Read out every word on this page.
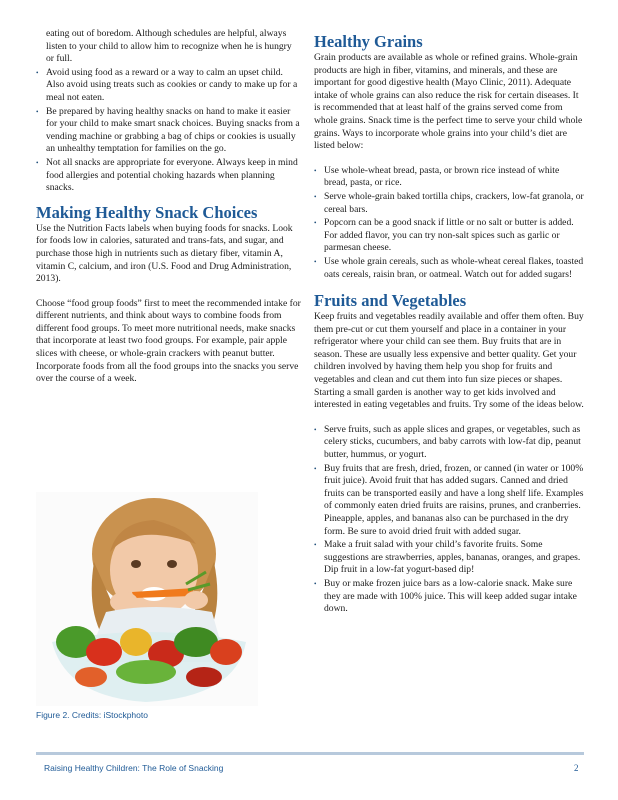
eating out of boredom. Although schedules are helpful, always listen to your child to allow him to recognize when he is hungry or full.
• Avoid using food as a reward or a way to calm an upset child. Also avoid using treats such as cookies or candy to make up for a meal not eaten.
• Be prepared by having healthy snacks on hand to make it easier for your child to make smart snack choices. Buying snacks from a vending machine or grabbing a bag of chips or cookies is usually an unhealthy temptation for families on the go.
• Not all snacks are appropriate for everyone. Always keep in mind food allergies and potential choking hazards when planning snacks.
Making Healthy Snack Choices

Use the Nutrition Facts labels when buying foods for snacks. Look for foods low in calories, saturated and trans-fats, and sugar, and purchase those high in nutrients such as dietary fiber, vitamin A, vitamin C, calcium, and iron (U.S. Food and Drug Administration, 2013).

Choose “food group foods” first to meet the recommended intake for different nutrients, and think about ways to combine foods from different food groups. To meet more nutritional needs, make snacks that incorporate at least two food groups. For example, pair apple slices with cheese, or whole-grain crackers with peanut butter. Incorporate foods from all the food groups into the snacks you serve over the course of a week.

Figure 2. Credits: iStockphoto
Healthy Grains

Grain products are available as whole or refined grains. Whole-grain products are high in fiber, vitamins, and minerals, and these are important for good digestive health (Mayo Clinic, 2011). Adequate intake of whole grains can also reduce the risk for certain diseases. It is recommended that at least half of the grains served come from whole grains. Snack time is the perfect time to serve your child whole grains. Ways to incorporate whole grains into your child’s diet are listed below:

• Use whole-wheat bread, pasta, or brown rice instead of white bread, pasta, or rice.
• Serve whole-grain baked tortilla chips, crackers, low-fat granola, or cereal bars.
• Popcorn can be a good snack if little or no salt or butter is added. For added flavor, you can try non-salt spices such as garlic or parmesan cheese.
• Use whole grain cereals, such as whole-wheat cereal flakes, toasted oats cereals, raisin bran, or oatmeal. Watch out for added sugars!
Fruits and Vegetables

Keep fruits and vegetables readily available and offer them often. Buy them pre-cut or cut them yourself and place in a container in your refrigerator where your child can see them. Buy fruits that are in season. These are usually less expensive and better quality. Get your children involved by having them help you shop for fruits and vegetables and clean and cut them into fun size pieces or shapes. Starting a small garden is another way to get kids involved and interested in eating vegetables and fruits. Try some of the ideas below.

• Serve fruits, such as apple slices and grapes, or vegetables, such as celery sticks, cucumbers, and baby carrots with low-fat dip, peanut butter, hummus, or yogurt.
• Buy fruits that are fresh, dried, frozen, or canned (in water or 100% fruit juice). Avoid fruit that has added sugars. Canned and dried fruits can be transported easily and have a long shelf life. Examples of commonly eaten dried fruits are raisins, prunes, and cranberries. Pineapple, apples, and bananas also can be purchased in the dry form. Be sure to avoid dried fruit with added sugar.
• Make a fruit salad with your child’s favorite fruits. Some suggestions are strawberries, apples, bananas, oranges, and grapes. Dip fruit in a low-fat yogurt-based dip!
• Buy or make frozen juice bars as a low-calorie snack. Make sure they are made with 100% juice. This will keep added sugar intake down.
Raising Healthy Children: The Role of Snacking	2
